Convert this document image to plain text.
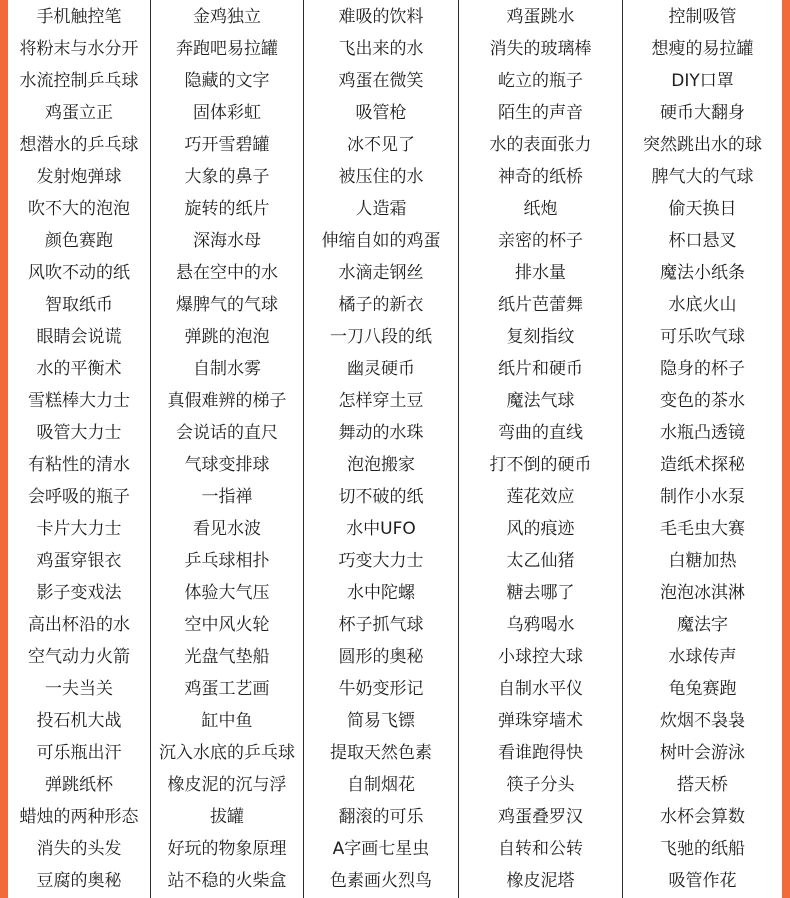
手机触控笔
将粉末与水分开
水流控制乒乓球
鸡蛋立正
想潜水的乒乓球
发射炮弹球
吹不大的泡泡
颜色赛跑
风吹不动的纸
智取纸币
眼睛会说谎
水的平衡术
雪糕棒大力士
吸管大力士
有粘性的清水
会呼吸的瓶子
卡片大力士
鸡蛋穿银衣
影子变戏法
高出杯沿的水
空气动力火箭
一夫当关
投石机大战
可乐瓶出汗
弹跳纸杯
蜡烛的两种形态
消失的头发
豆腐的奥秘
金鸡独立
奔跑吧易拉罐
隐藏的文字
固体彩虹
巧开雪碧罐
大象的鼻子
旋转的纸片
深海水母
悬在空中的水
爆脾气的气球
弹跳的泡泡
自制水雾
真假难辨的梯子
会说话的直尺
气球变排球
一指禅
看见水波
乒乓球相扑
体验大气压
空中风火轮
光盘气垫船
鸡蛋工艺画
缸中鱼
沉入水底的乒乓球
橡皮泥的沉与浮
拔罐
好玩的物象原理
站不稳的火柴盒
难吸的饮料
飞出来的水
鸡蛋在微笑
吸管枪
冰不见了
被压住的水
人造霜
伸缩自如的鸡蛋
水滴走钢丝
橘子的新衣
一刀八段的纸
幽灵硬币
怎样穿土豆
舞动的水珠
泡泡搬家
切不破的纸
水中UFO
巧变大力士
水中陀螺
杯子抓气球
圆形的奥秘
牛奶变形记
简易飞镖
提取天然色素
自制烟花
翻滚的可乐
A字画七星虫
色素画火烈鸟
鸡蛋跳水
消失的玻璃棒
屹立的瓶子
陌生的声音
水的表面张力
神奇的纸桥
纸炮
亲密的杯子
排水量
纸片芭蕾舞
复刻指纹
纸片和硬币
魔法气球
弯曲的直线
打不倒的硬币
莲花效应
风的痕迹
太乙仙猪
糖去哪了
乌鸦喝水
小球控大球
自制水平仪
弹珠穿墙术
看谁跑得快
筷子分头
鸡蛋叠罗汉
自转和公转
橡皮泥塔
控制吸管
想瘦的易拉罐
DIY口罩
硬币大翻身
突然跳出水的球
脾气大的气球
偷天换日
杯口悬叉
魔法小纸条
水底火山
可乐吹气球
隐身的杯子
变色的茶水
水瓶凸透镜
造纸术探秘
制作小水泵
毛毛虫大赛
白糖加热
泡泡冰淇淋
魔法字
水球传声
龟兔赛跑
炊烟不袅袅
树叶会游泳
搭天桥
水杯会算数
飞驰的纸船
吸管作花
